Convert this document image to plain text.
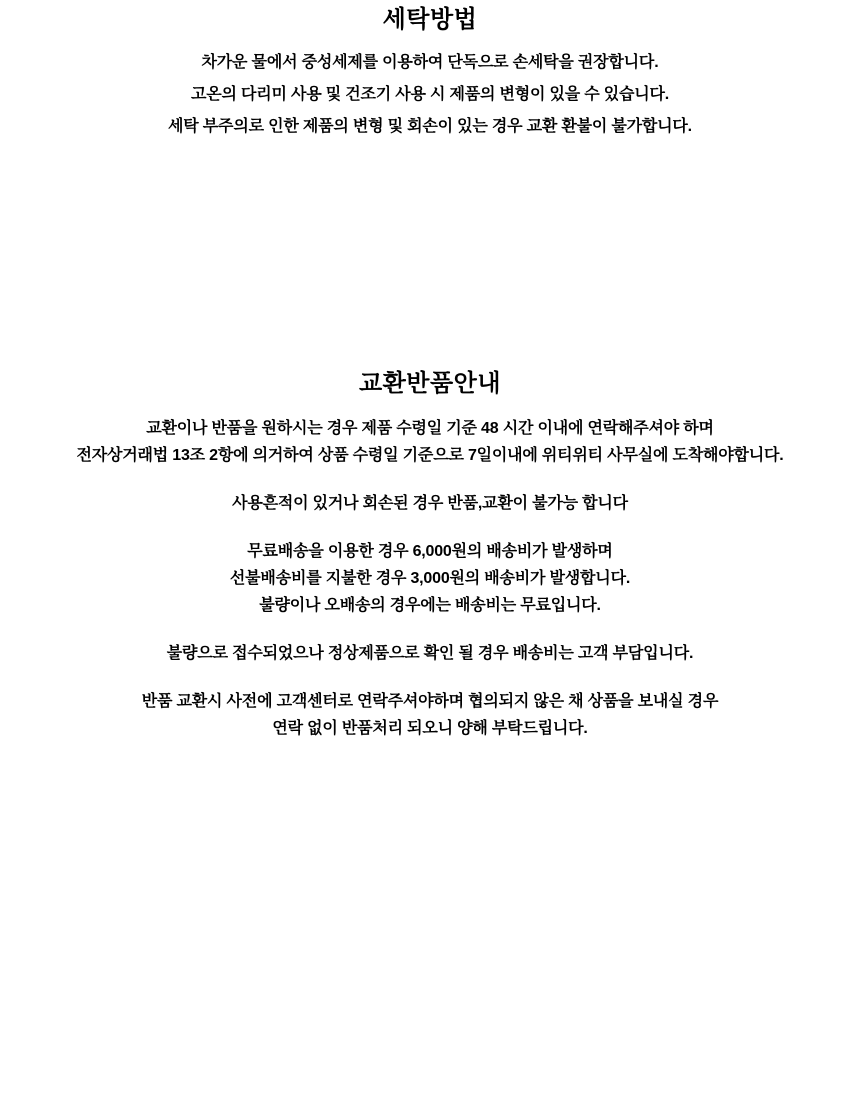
세탁방법

차가운 물에서 중성세제를 이용하여 단독으로 손세탁을 권장합니다.

고온의 다리미 사용 및 건조기 사용 시 제품의 변형이 있을 수 있습니다.

세탁 부주의로 인한 제품의 변형 및 회손이 있는 경우 교환 환불이 불가합니다.

교환반품안내

교환이나 반품을 원하시는 경우 제품 수령일 기준 48 시간 이내에 연락해주셔야 하며
전자상거래법 13조 2항에 의거하여 상품 수령일 기준으로 7일이내에 위티위티 사무실에 도착해야합니다.

사용흔적이 있거나 회손된 경우 반품,교환이 불가능 합니다

무료배송을 이용한 경우 6,000원의 배송비가 발생하며
선불배송비를 지불한 경우 3,000원의 배송비가 발생합니다.
불량이나 오배송의 경우에는 배송비는 무료입니다.

불량으로 접수되었으나 정상제품으로 확인 될 경우 배송비는 고객 부담입니다.

반품 교환시 사전에 고객센터로 연락주셔야하며 협의되지 않은 채 상품을 보내실 경우
연락 없이 반품처리 되오니 양해 부탁드립니다.
